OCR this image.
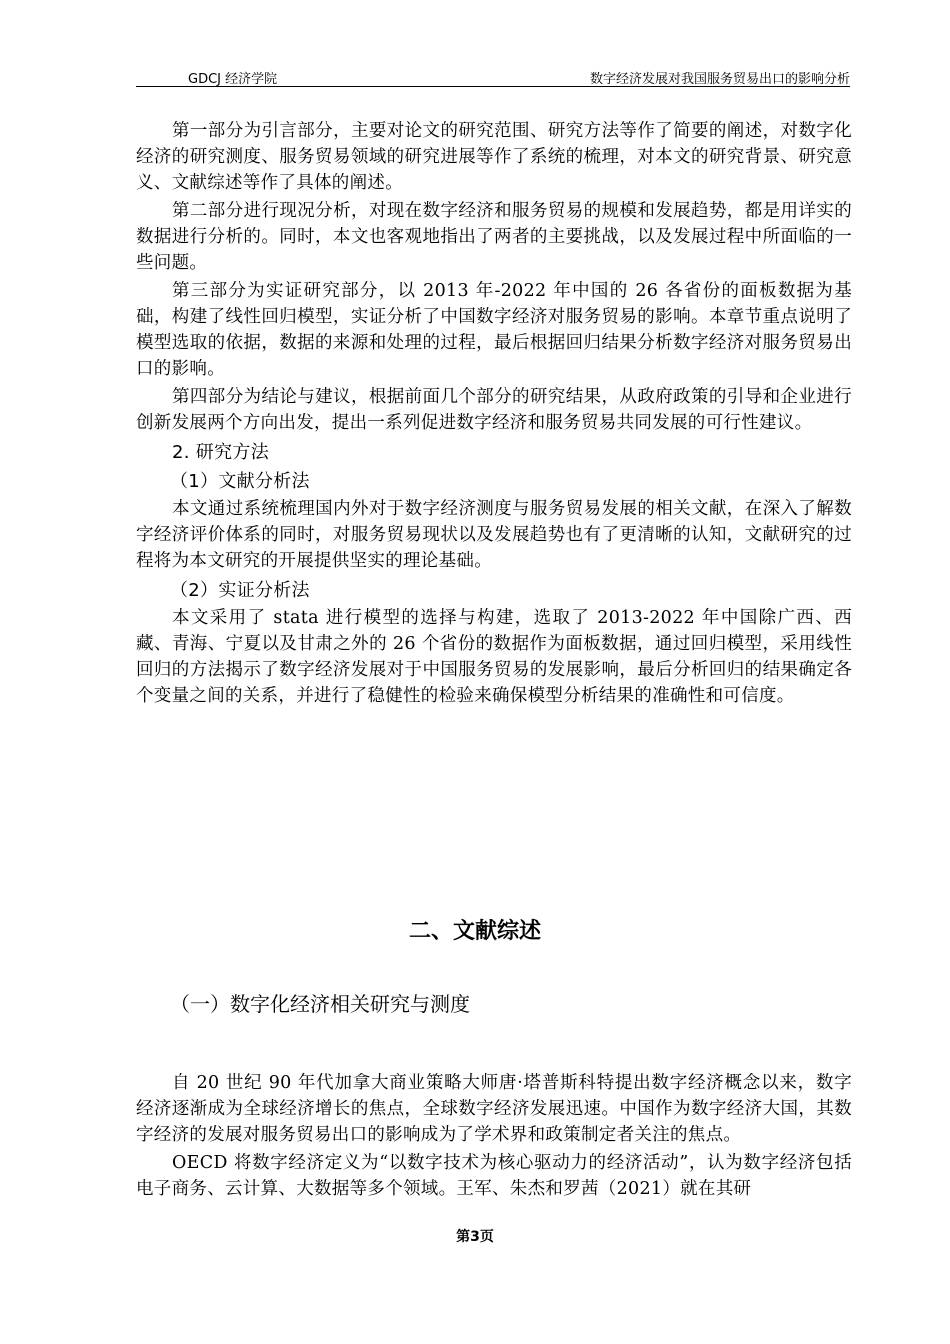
GDCJ 经济学院	数字经济发展对我国服务贸易出口的影响分析

第一部分为引言部分，主要对论文的研究范围、研究方法等作了简要的阐述，对数字化经济的研究测度、服务贸易领域的研究进展等作了系统的梳理，对本文的研究背景、研究意义、文献综述等作了具体的阐述。

第二部分进行现况分析，对现在数字经济和服务贸易的规模和发展趋势，都是用详实的数据进行分析的。同时，本文也客观地指出了两者的主要挑战，以及发展过程中所面临的一些问题。

第三部分为实证研究部分，以 2013 年-2022 年中国的 26 各省份的面板数据为基础，构建了线性回归模型，实证分析了中国数字经济对服务贸易的影响。本章节重点说明了模型选取的依据，数据的来源和处理的过程，最后根据回归结果分析数字经济对服务贸易出口的影响。

第四部分为结论与建议，根据前面几个部分的研究结果，从政府政策的引导和企业进行创新发展两个方向出发，提出一系列促进数字经济和服务贸易共同发展的可行性建议。

2. 研究方法

（1）文献分析法

本文通过系统梳理国内外对于数字经济测度与服务贸易发展的相关文献，在深入了解数字经济评价体系的同时，对服务贸易现状以及发展趋势也有了更清晰的认知，文献研究的过程将为本文研究的开展提供坚实的理论基础。

（2）实证分析法

本文采用了 stata 进行模型的选择与构建，选取了 2013-2022 年中国除广西、西藏、青海、宁夏以及甘肃之外的 26 个省份的数据作为面板数据，通过回归模型，采用线性回归的方法揭示了数字经济发展对于中国服务贸易的发展影响，最后分析回归的结果确定各个变量之间的关系，并进行了稳健性的检验来确保模型分析结果的准确性和可信度。

二、文献综述
（一）数字化经济相关研究与测度

自 20 世纪 90 年代加拿大商业策略大师唐·塔普斯科特提出数字经济概念以来，数字经济逐渐成为全球经济增长的焦点，全球数字经济发展迅速。中国作为数字经济大国，其数字经济的发展对服务贸易出口的影响成为了学术界和政策制定者关注的焦点。

OECD 将数字经济定义为“以数字技术为核心驱动力的经济活动”，认为数字经济包括电子商务、云计算、大数据等多个领域。王军、朱杰和罗茜（2021）就在其研

第3页
